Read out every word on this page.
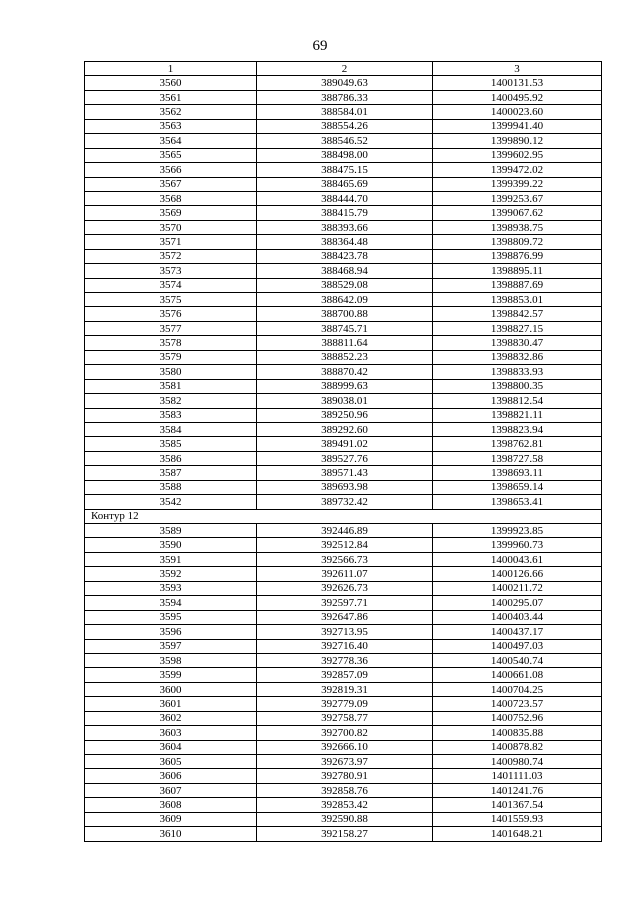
69
1	2	3
3560	389049.63	1400131.53
3561	388786.33	1400495.92
3562	388584.01	1400023.60
3563	388554.26	1399941.40
3564	388546.52	1399890.12
3565	388498.00	1399602.95
3566	388475.15	1399472.02
3567	388465.69	1399399.22
3568	388444.70	1399253.67
3569	388415.79	1399067.62
3570	388393.66	1398938.75
3571	388364.48	1398809.72
3572	388423.78	1398876.99
3573	388468.94	1398895.11
3574	388529.08	1398887.69
3575	388642.09	1398853.01
3576	388700.88	1398842.57
3577	388745.71	1398827.15
3578	388811.64	1398830.47
3579	388852.23	1398832.86
3580	388870.42	1398833.93
3581	388999.63	1398800.35
3582	389038.01	1398812.54
3583	389250.96	1398821.11
3584	389292.60	1398823.94
3585	389491.02	1398762.81
3586	389527.76	1398727.58
3587	389571.43	1398693.11
3588	389693.98	1398659.14
3542	389732.42	1398653.41
Контур 12		
3589	392446.89	1399923.85
3590	392512.84	1399960.73
3591	392566.73	1400043.61
3592	392611.07	1400126.66
3593	392626.73	1400211.72
3594	392597.71	1400295.07
3595	392647.86	1400403.44
3596	392713.95	1400437.17
3597	392716.40	1400497.03
3598	392778.36	1400540.74
3599	392857.09	1400661.08
3600	392819.31	1400704.25
3601	392779.09	1400723.57
3602	392758.77	1400752.96
3603	392700.82	1400835.88
3604	392666.10	1400878.82
3605	392673.97	1400980.74
3606	392780.91	1401111.03
3607	392858.76	1401241.76
3608	392853.42	1401367.54
3609	392590.88	1401559.93
3610	392158.27	1401648.21
